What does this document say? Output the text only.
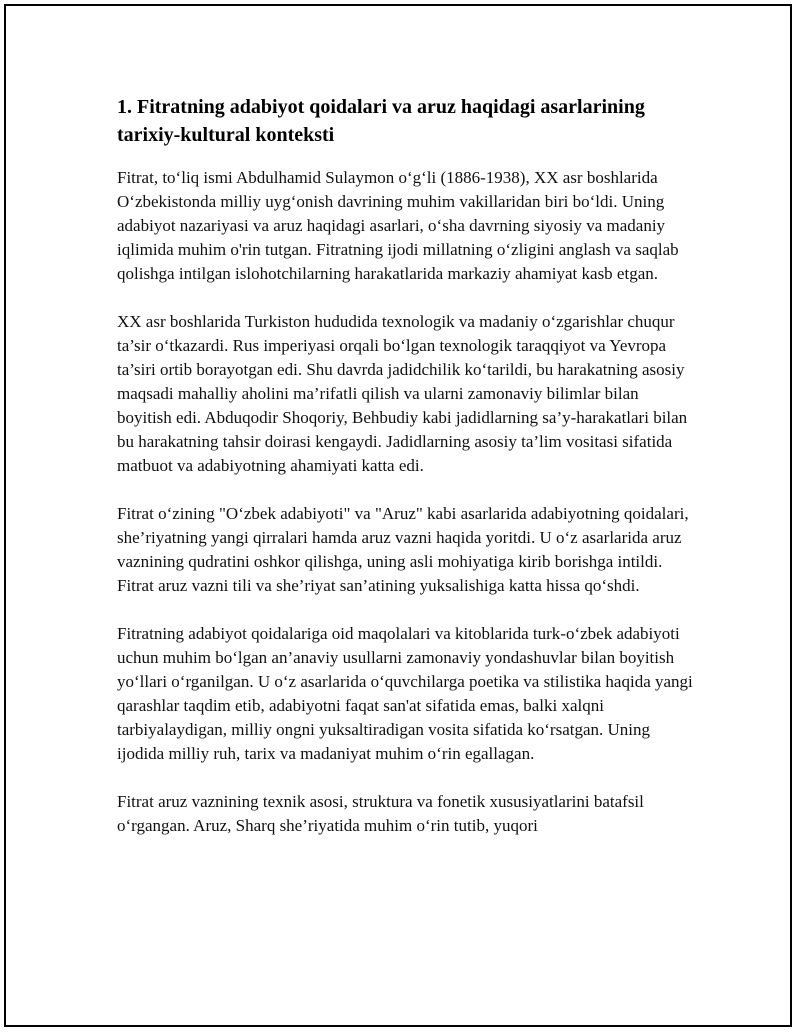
1. Fitratning adabiyot qoidalari va aruz haqidagi asarlarining tarixiy-kultural konteksti

Fitrat, to‘liq ismi Abdulhamid Sulaymon o‘g‘li (1886-1938), XX asr boshlarida O‘zbekistonda milliy uyg‘onish davrining muhim vakillaridan biri bo‘ldi. Uning adabiyot nazariyasi va aruz haqidagi asarlari, o‘sha davrning siyosiy va madaniy iqlimida muhim o'rin tutgan. Fitratning ijodi millatning o‘zligini anglash va saqlab qolishga intilgan islohotchilarning harakatlarida markaziy ahamiyat kasb etgan.

XX asr boshlarida Turkiston hududida texnologik va madaniy o‘zgarishlar chuqur ta’sir o‘tkazardi. Rus imperiyasi orqali bo‘lgan texnologik taraqqiyot va Yevropa ta’siri ortib borayotgan edi. Shu davrda jadidchilik ko‘tarildi, bu harakatning asosiy maqsadi mahalliy aholini ma’rifatli qilish va ularni zamonaviy bilimlar bilan boyitish edi. Abduqodir Shoqoriy, Behbudiy kabi jadidlarning sa’y-harakatlari bilan bu harakatning tahsir doirasi kengaydi. Jadidlarning asosiy ta’lim vositasi sifatida matbuot va adabiyotning ahamiyati katta edi.

Fitrat o‘zining "O‘zbek adabiyoti" va "Aruz" kabi asarlarida adabiyotning qoidalari, she’riyatning yangi qirralari hamda aruz vazni haqida yoritdi. U o‘z asarlarida aruz vaznining qudratini oshkor qilishga, uning asli mohiyatiga kirib borishga intildi. Fitrat aruz vazni tili va she’riyat san’atining yuksalishiga katta hissa qo‘shdi.

Fitratning adabiyot qoidalariga oid maqolalari va kitoblarida turk-o‘zbek adabiyoti uchun muhim bo‘lgan an’anaviy usullarni zamonaviy yondashuvlar bilan boyitish yo‘llari o‘rganilgan. U o‘z asarlarida o‘quvchilarga poetika va stilistika haqida yangi qarashlar taqdim etib, adabiyotni faqat san'at sifatida emas, balki xalqni tarbiyalaydigan, milliy ongni yuksaltiradigan vosita sifatida ko‘rsatgan. Uning ijodida milliy ruh, tarix va madaniyat muhim o‘rin egallagan.

Fitrat aruz vaznining texnik asosi, struktura va fonetik xususiyatlarini batafsil o‘rgangan. Aruz, Sharq she’riyatida muhim o‘rin tutib, yuqori
